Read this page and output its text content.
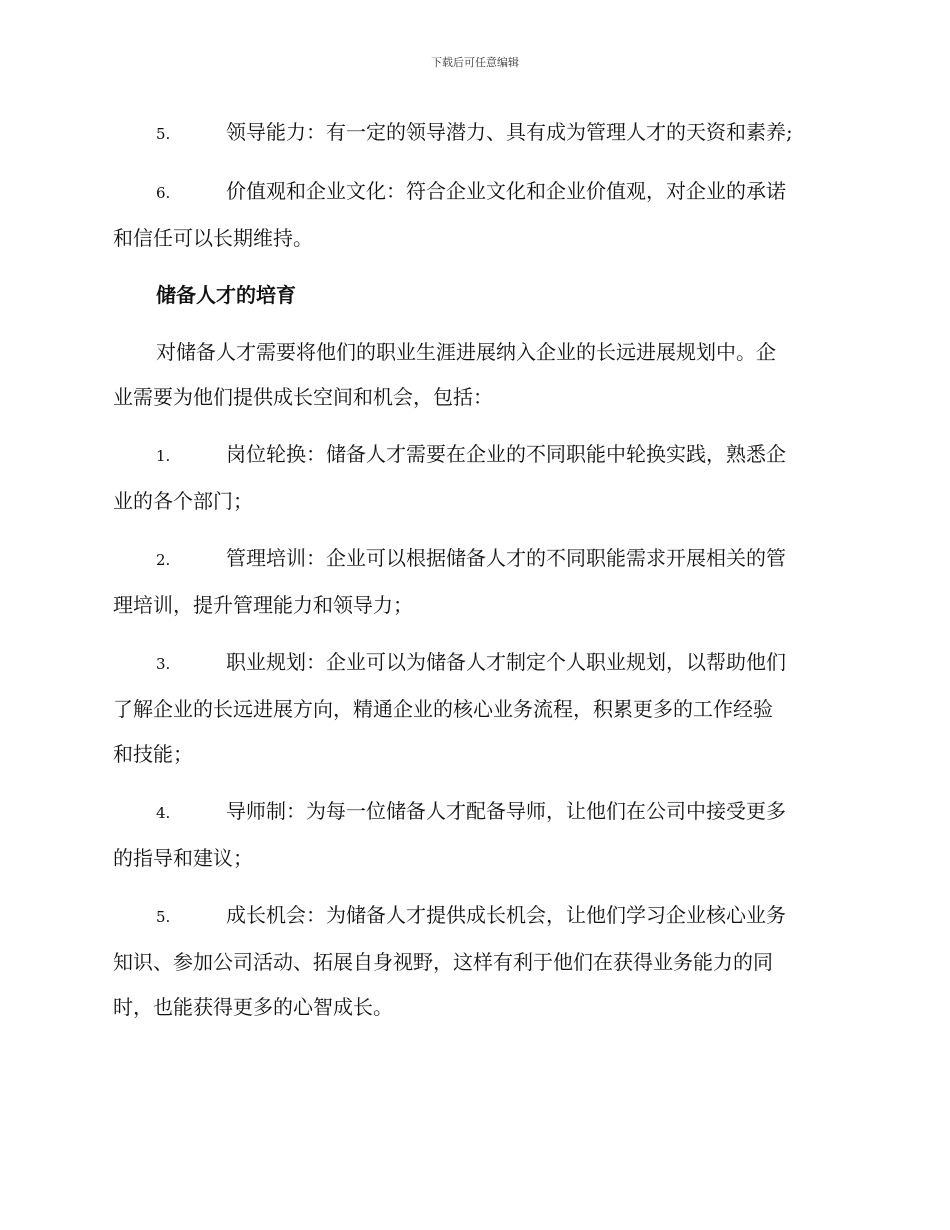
下载后可任意编辑
5.	领导能力：有一定的领导潜力、具有成为管理人才的天资和素养;
6.	价值观和企业文化：符合企业文化和企业价值观，对企业的承诺
和信任可以长期维持。
储备人才的培育
对储备人才需要将他们的职业生涯进展纳入企业的长远进展规划中。企
业需要为他们提供成长空间和机会，包括：
1.	岗位轮换：储备人才需要在企业的不同职能中轮换实践，熟悉企
业的各个部门；
2.	管理培训：企业可以根据储备人才的不同职能需求开展相关的管
理培训，提升管理能力和领导力；
3.	职业规划：企业可以为储备人才制定个人职业规划，以帮助他们
了解企业的长远进展方向，精通企业的核心业务流程，积累更多的工作经验
和技能；
4.	导师制：为每一位储备人才配备导师，让他们在公司中接受更多
的指导和建议；
5.	成长机会：为储备人才提供成长机会，让他们学习企业核心业务
知识、参加公司活动、拓展自身视野，这样有利于他们在获得业务能力的同
时，也能获得更多的心智成长。
